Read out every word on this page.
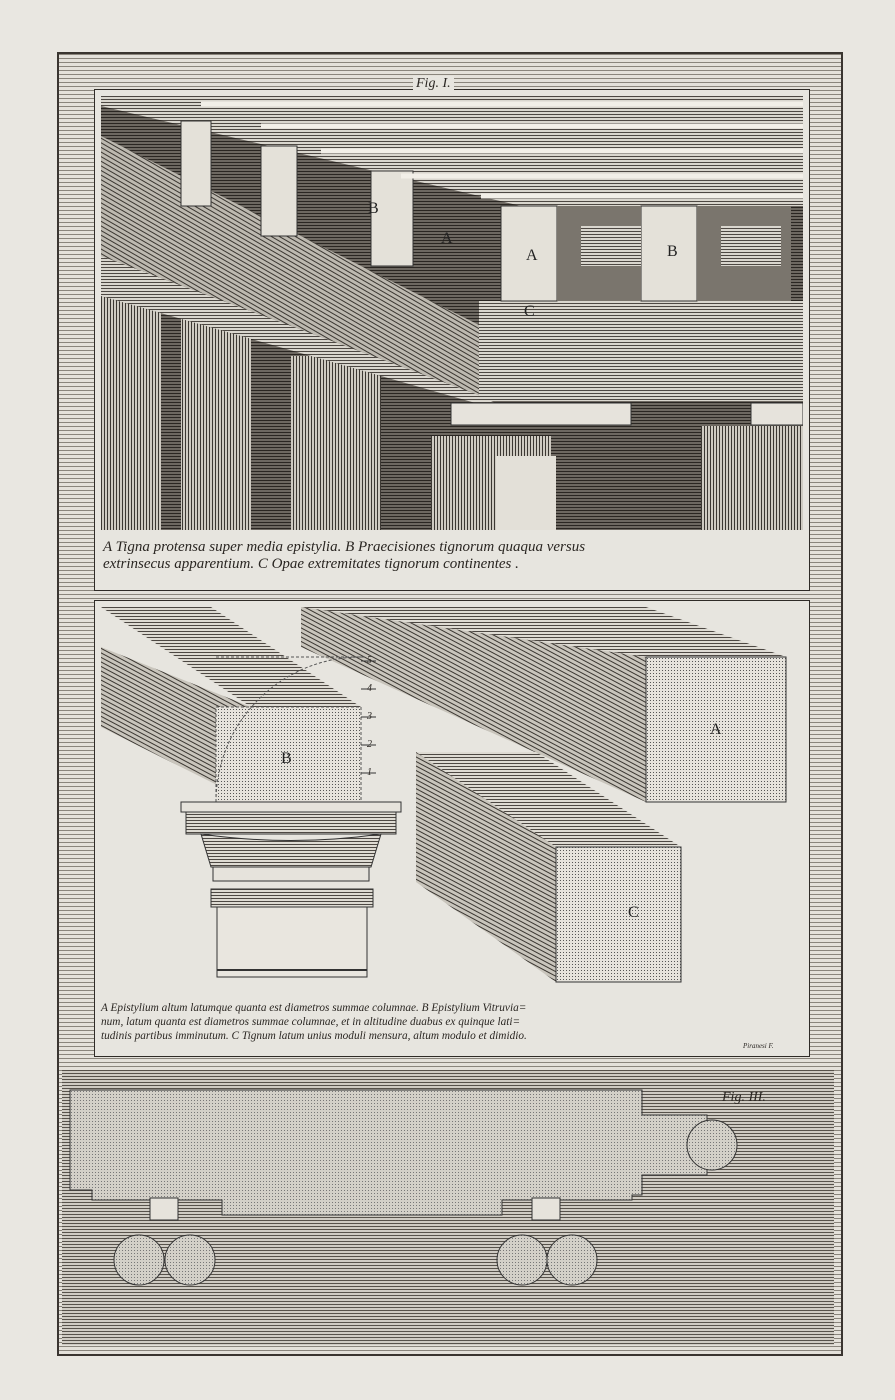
Fig. I.
B
A
A	B
C
A Tigna protensa super media epistylia. B Praecisiones tignorum quaqua versus
extrinsecus apparentium. C Opae extremitates tignorum continentes .
5
4
3
2
1
A
B
C
A Epistylium altum latumque quanta est diametros summae columnae. B Epistylium Vitruvia=
num, latum quanta est diametros summae columnae, et in altitudine duabus ex quinque lati=
tudinis partibus imminutum. C Tignum latum unius moduli mensura, altum modulo et dimidio.
Piranesi F.
Fig. III.
